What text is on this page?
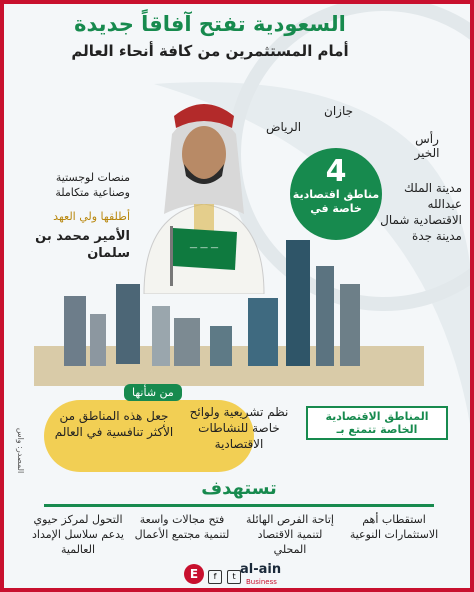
السعودية تفتح آفاقاً جديدة
أمام المستثمرين من كافة أنحاء العالم
— — —
الرياض
جازان
رأس الخير
مدينة الملك عبدالله الاقتصادية شمال مدينة جدة
4
مناطق اقتصادية خاصة في
منصات لوجستية وصناعية متكاملة
أطلقها ولي العهد
الأمير محمد بن سلمان
المناطق الاقتصادية الخاصة تتمتع بـ
نظم تشريعية ولوائح خاصة للنشاطات الاقتصادية
من شأنها
جعل هذه المناطق من الأكثر تنافسية في العالم
المصدر: واس
تستهدف
استقطاب أهم الاستثمارات النوعية
إتاحة الفرص الهائلة لتنمية الاقتصاد المحلي
فتح مجالات واسعة لتنمية مجتمع الأعمال
التحول لمركز حيوي يدعم سلاسل الإمداد العالمية
E	f t al-ain
Business
